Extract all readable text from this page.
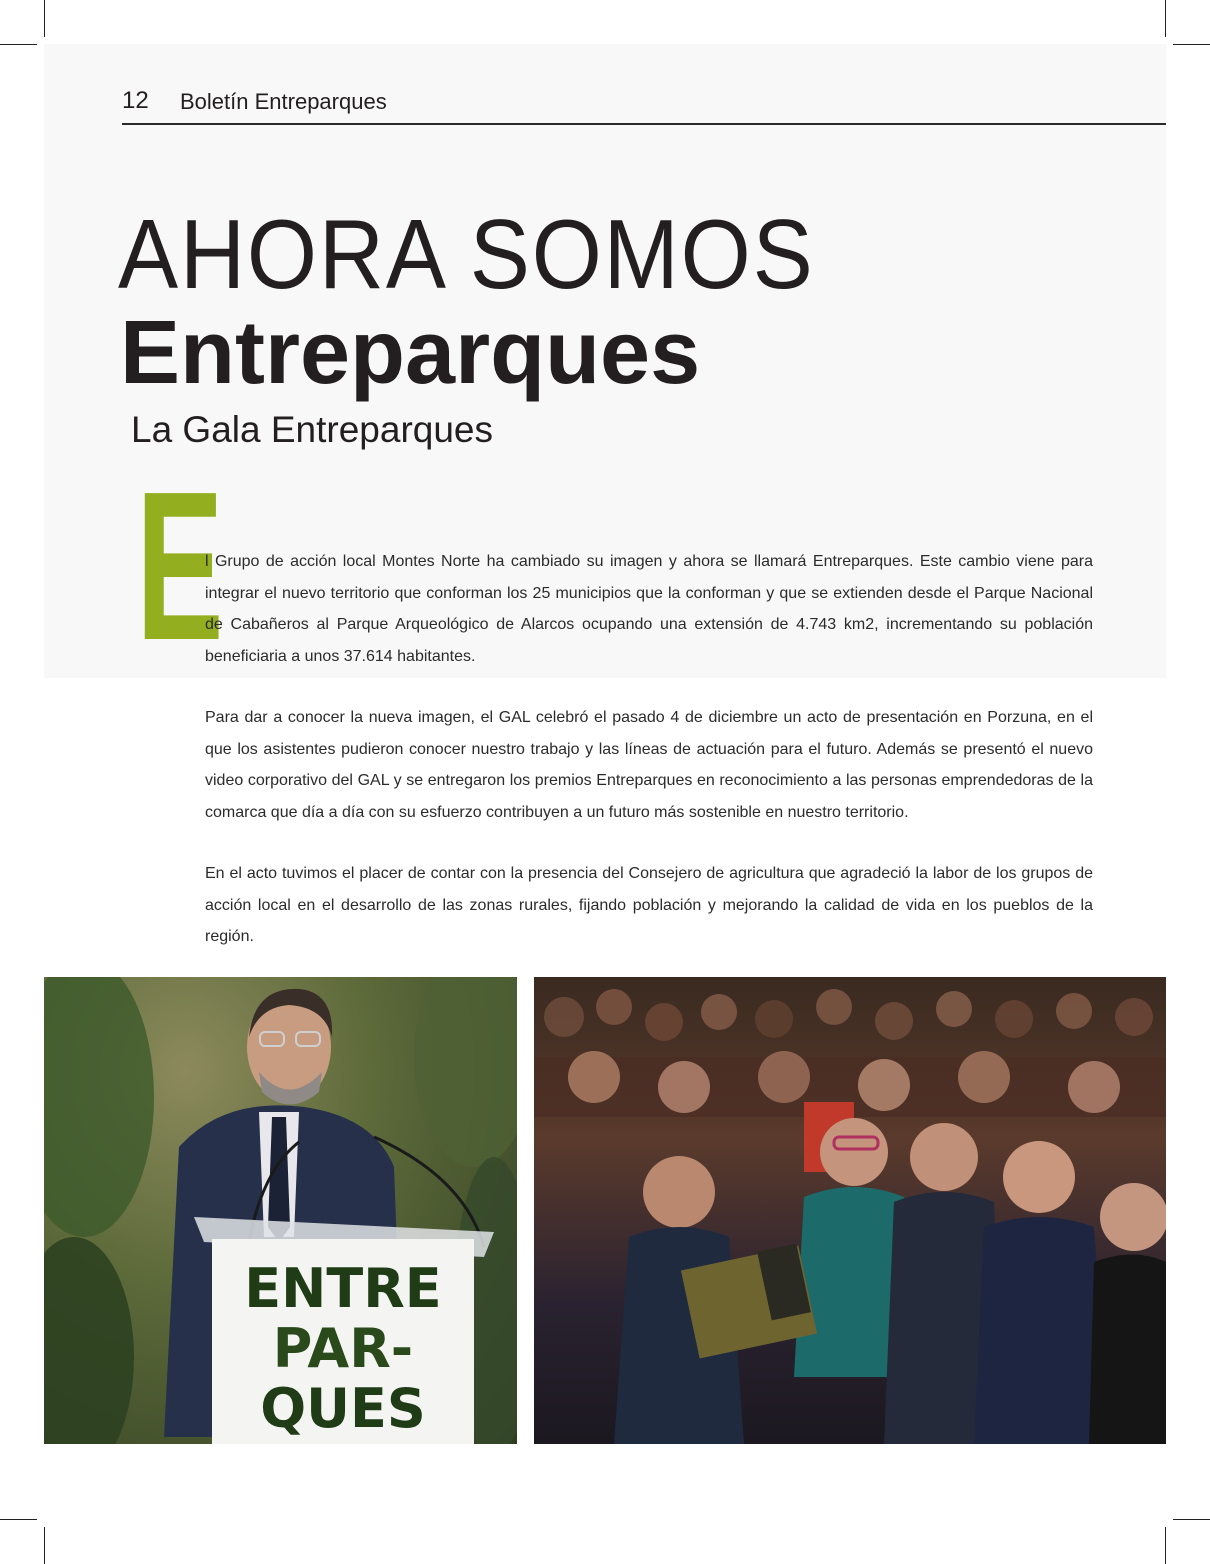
12 Boletín Entreparques
AHORA SOMOS
Entreparques
La Gala Entreparques
E

l Grupo de acción local Montes Norte ha cambiado su imagen y ahora se llamará Entreparques. Este cambio viene para integrar el nuevo territorio que conforman los 25 municipios que la conforman y que se extienden desde el Parque Nacional de Cabañeros al Parque Arqueológico de Alarcos ocupando una extensión de 4.743 km2, incrementando su población beneficiaria a unos 37.614 habitantes.

Para dar a conocer la nueva imagen, el GAL celebró el pasado 4 de diciembre un acto de presentación en Porzuna, en el que los asistentes pudieron conocer nuestro trabajo y las líneas de actuación para el futuro. Además se presentó el nuevo video corporativo del GAL y se entregaron los premios Entreparques en reconocimiento a las personas emprendedoras de la comarca que día a día con su esfuerzo contribuyen a un futuro más sostenible en nuestro territorio.

En el acto tuvimos el placer de contar con la presencia del Consejero de agricultura que agradeció la labor de los grupos de acción local en el desarrollo de las zonas rurales, fijando población y mejorando la calidad de vida en los pueblos de la región.

ENTRE
PAR-
QUES
